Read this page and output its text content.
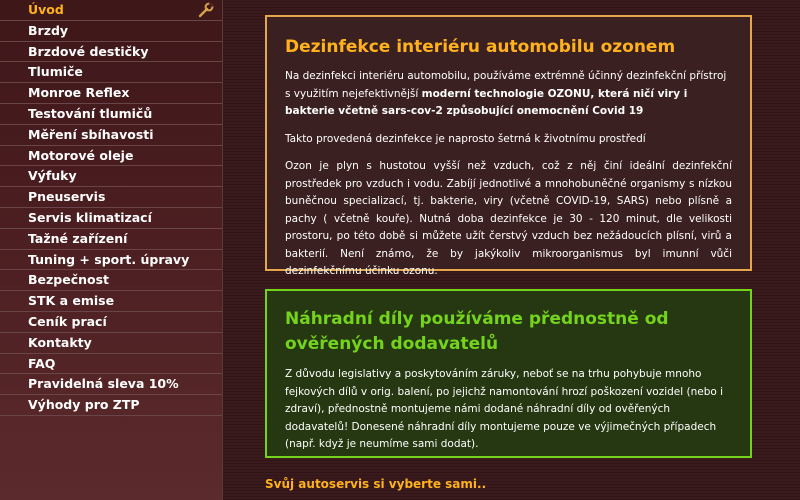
Úvod
Brzdy
Brzdové destičky
Tlumiče
Monroe Reflex
Testování tlumičů
Měření sbíhavosti
Motorové oleje
Výfuky
Pneuservis
Servis klimatizací
Tažné zařízení
Tuning + sport. úpravy
Bezpečnost
STK a emise
Ceník prací
Kontakty
FAQ
Pravidelná sleva 10%
Výhody pro ZTP
Dezinfekce interiéru automobilu ozonem

Na dezinfekci interiéru automobilu, používáme extrémně účinný dezinfekční přístroj s využitím nejefektivnější moderní technologie OZONU, která ničí viry i bakterie včetně sars-cov-2 způsobující onemocnění Covid 19

Takto provedená dezinfekce je naprosto šetrná k životnímu prostředí

Ozon je plyn s hustotou vyšší než vzduch, což z něj činí ideální dezinfekční prostředek pro vzduch i vodu. Zabíjí jednotlivé a mnohobuněčné organismy s nízkou buněčnou specializací, tj. bakterie, viry (včetně COVID-19, SARS) nebo plísně a pachy ( včetně kouře). Nutná doba dezinfekce je 30 - 120 minut, dle velikosti prostoru, po této době si můžete užít čerstvý vzduch bez nežádoucích plísní, virů a bakterií. Není známo, že by jakýkoliv mikroorganismus byl imunní vůči dezinfekčnímu účinku ozonu.

Náhradní díly používáme přednostně od ověřených dodavatelů

Z důvodu legislativy a poskytováním záruky, neboť se na trhu pohybuje mnoho fejkových dílů v orig. balení, po jejichž namontování hrozí poškození vozidel (nebo i zdraví), přednostně montujeme námi dodané náhradní díly od ověřených dodavatelů! Donesené náhradní díly montujeme pouze ve výjimečných případech (např. když je neumíme sami dodat).

Svůj autoservis si vyberte sami..
